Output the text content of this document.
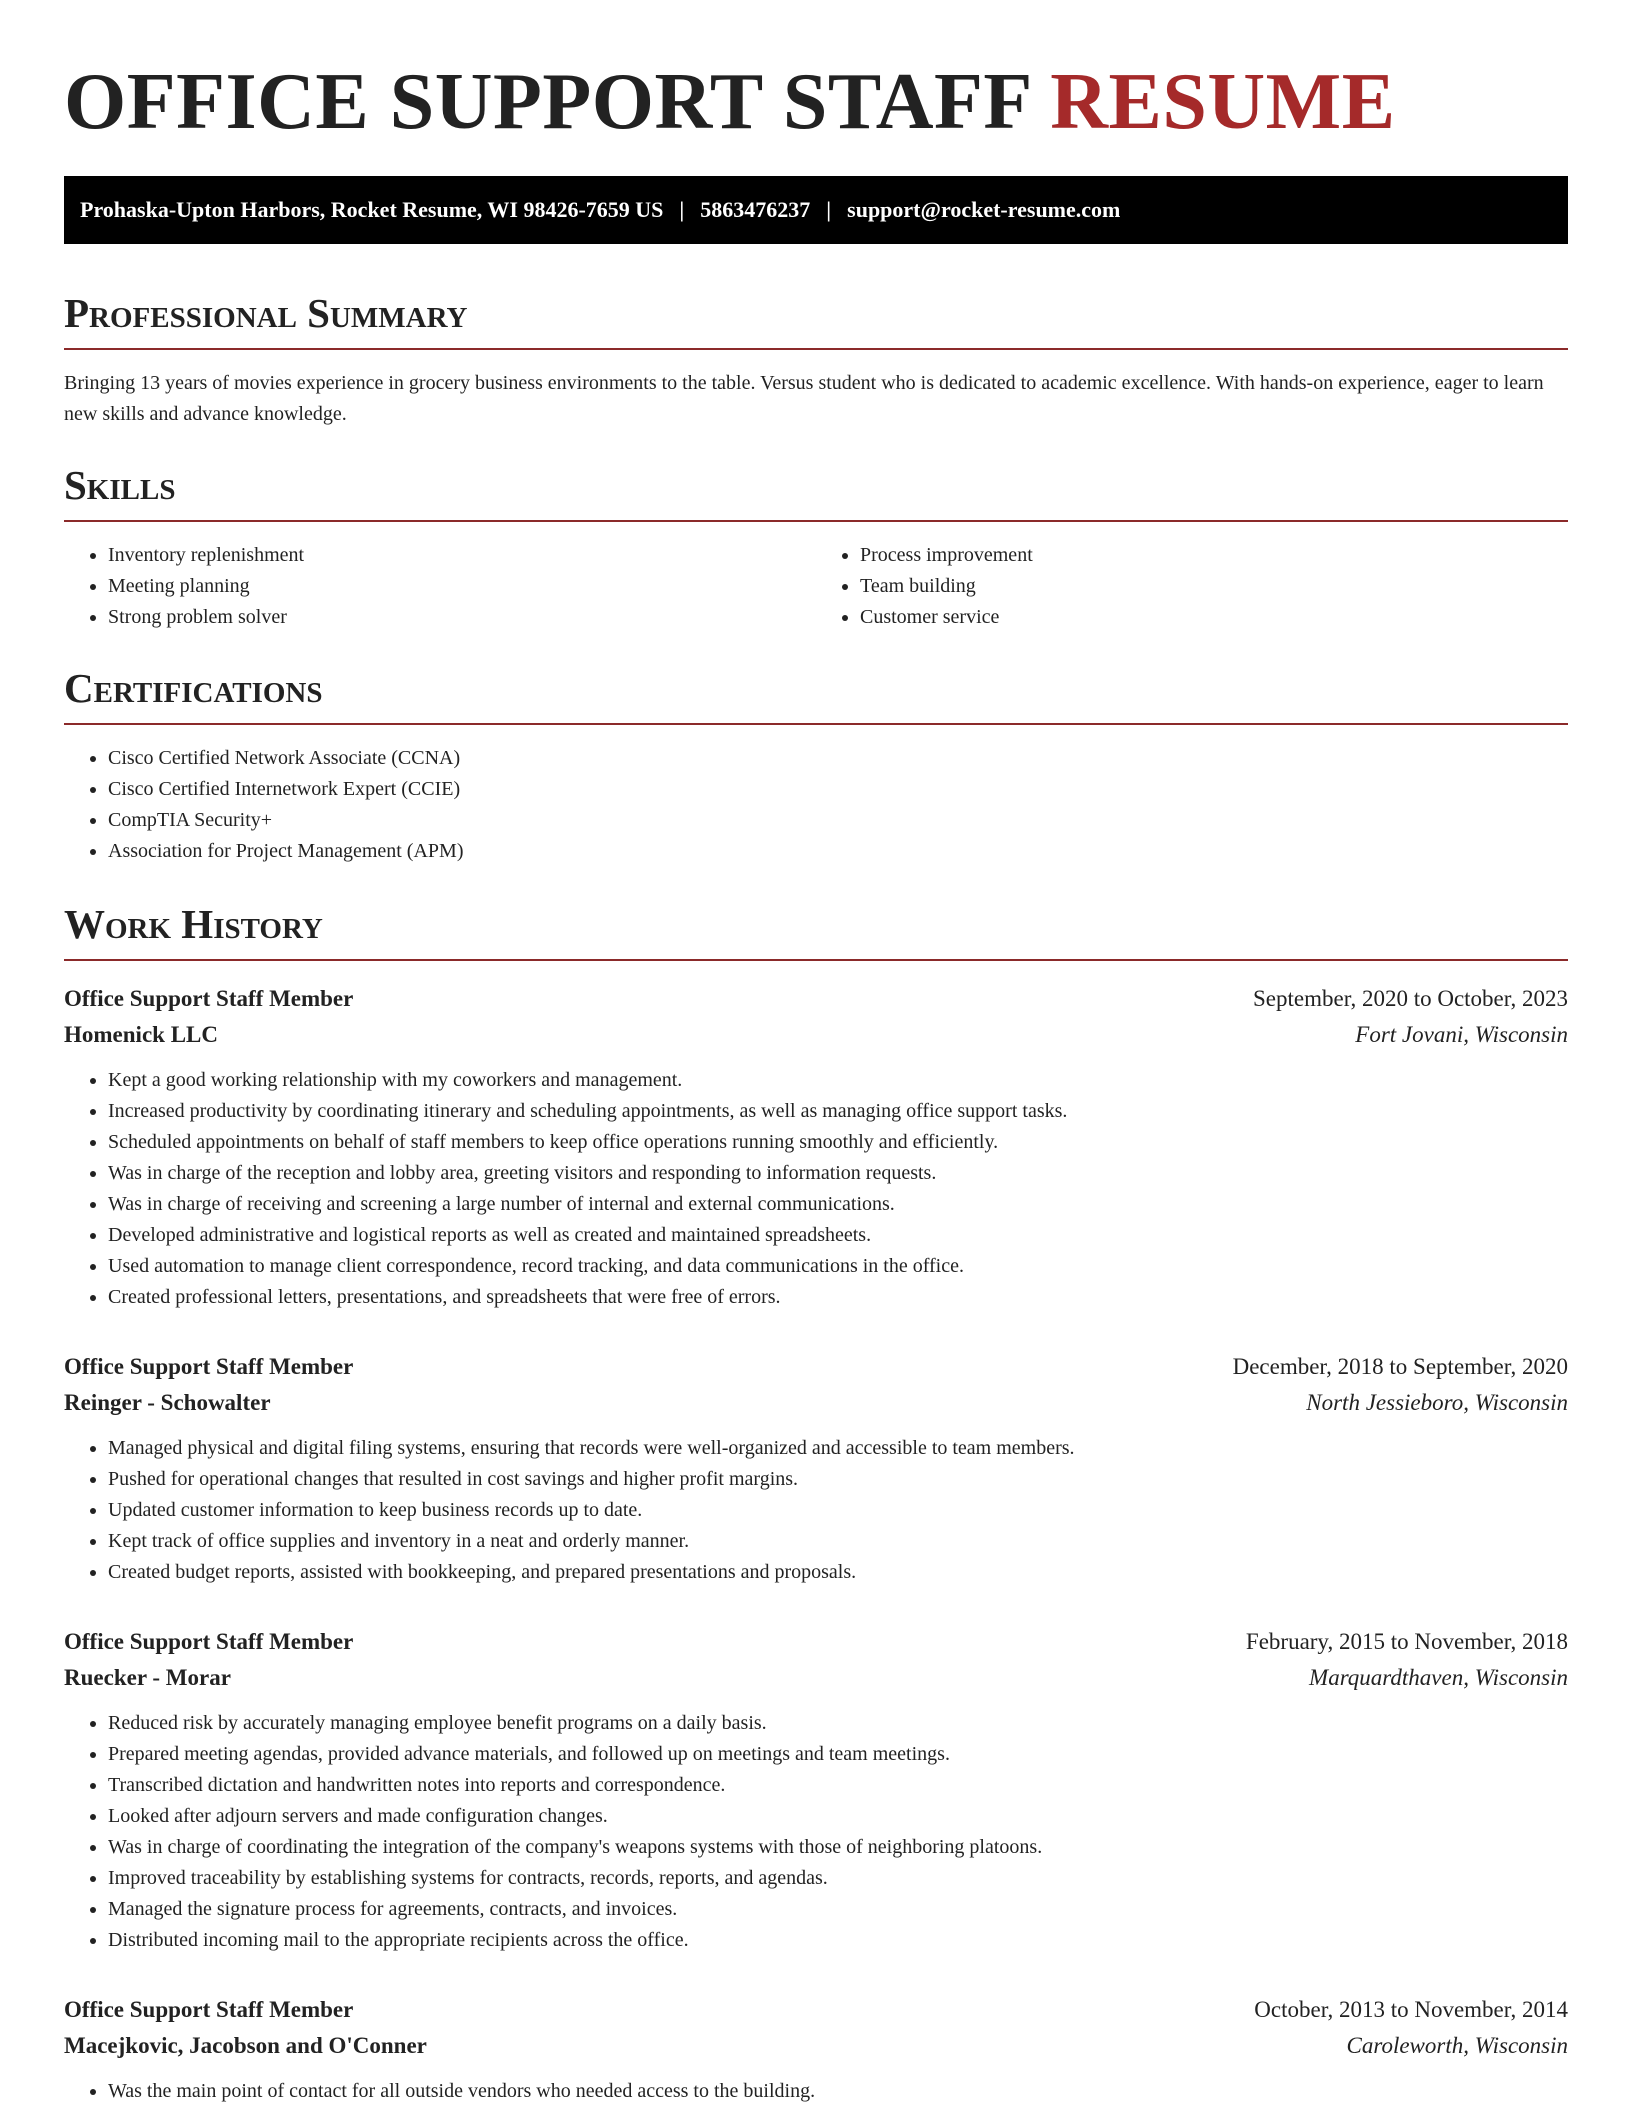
OFFICE SUPPORT STAFF RESUME
Prohaska-Upton Harbors, Rocket Resume, WI 98426-7659 US | 5863476237 | support@rocket-resume.com
Professional Summary

Bringing 13 years of movies experience in grocery business environments to the table. Versus student who is dedicated to academic excellence. With hands-on experience, eager to learn new skills and advance knowledge.

Skills
• Inventory replenishment
• Meeting planning
• Strong problem solver
• Process improvement
• Team building
• Customer service
Certifications
• Cisco Certified Network Associate (CCNA)
• Cisco Certified Internetwork Expert (CCIE)
• CompTIA Security+
• Association for Project Management (APM)
Work History
Office Support Staff Member	September, 2020 to October, 2023
Homenick LLC	Fort Jovani, Wisconsin
• Kept a good working relationship with my coworkers and management.
• Increased productivity by coordinating itinerary and scheduling appointments, as well as managing office support tasks.
• Scheduled appointments on behalf of staff members to keep office operations running smoothly and efficiently.
• Was in charge of the reception and lobby area, greeting visitors and responding to information requests.
• Was in charge of receiving and screening a large number of internal and external communications.
• Developed administrative and logistical reports as well as created and maintained spreadsheets.
• Used automation to manage client correspondence, record tracking, and data communications in the office.
• Created professional letters, presentations, and spreadsheets that were free of errors.
Office Support Staff Member	December, 2018 to September, 2020
Reinger - Schowalter	North Jessieboro, Wisconsin
• Managed physical and digital filing systems, ensuring that records were well-organized and accessible to team members.
• Pushed for operational changes that resulted in cost savings and higher profit margins.
• Updated customer information to keep business records up to date.
• Kept track of office supplies and inventory in a neat and orderly manner.
• Created budget reports, assisted with bookkeeping, and prepared presentations and proposals.
Office Support Staff Member	February, 2015 to November, 2018
Ruecker - Morar	Marquardthaven, Wisconsin
• Reduced risk by accurately managing employee benefit programs on a daily basis.
• Prepared meeting agendas, provided advance materials, and followed up on meetings and team meetings.
• Transcribed dictation and handwritten notes into reports and correspondence.
• Looked after adjourn servers and made configuration changes.
• Was in charge of coordinating the integration of the company's weapons systems with those of neighboring platoons.
• Improved traceability by establishing systems for contracts, records, reports, and agendas.
• Managed the signature process for agreements, contracts, and invoices.
• Distributed incoming mail to the appropriate recipients across the office.
Office Support Staff Member	October, 2013 to November, 2014
Macejkovic, Jacobson and O'Conner	Caroleworth, Wisconsin
• Was the main point of contact for all outside vendors who needed access to the building.
